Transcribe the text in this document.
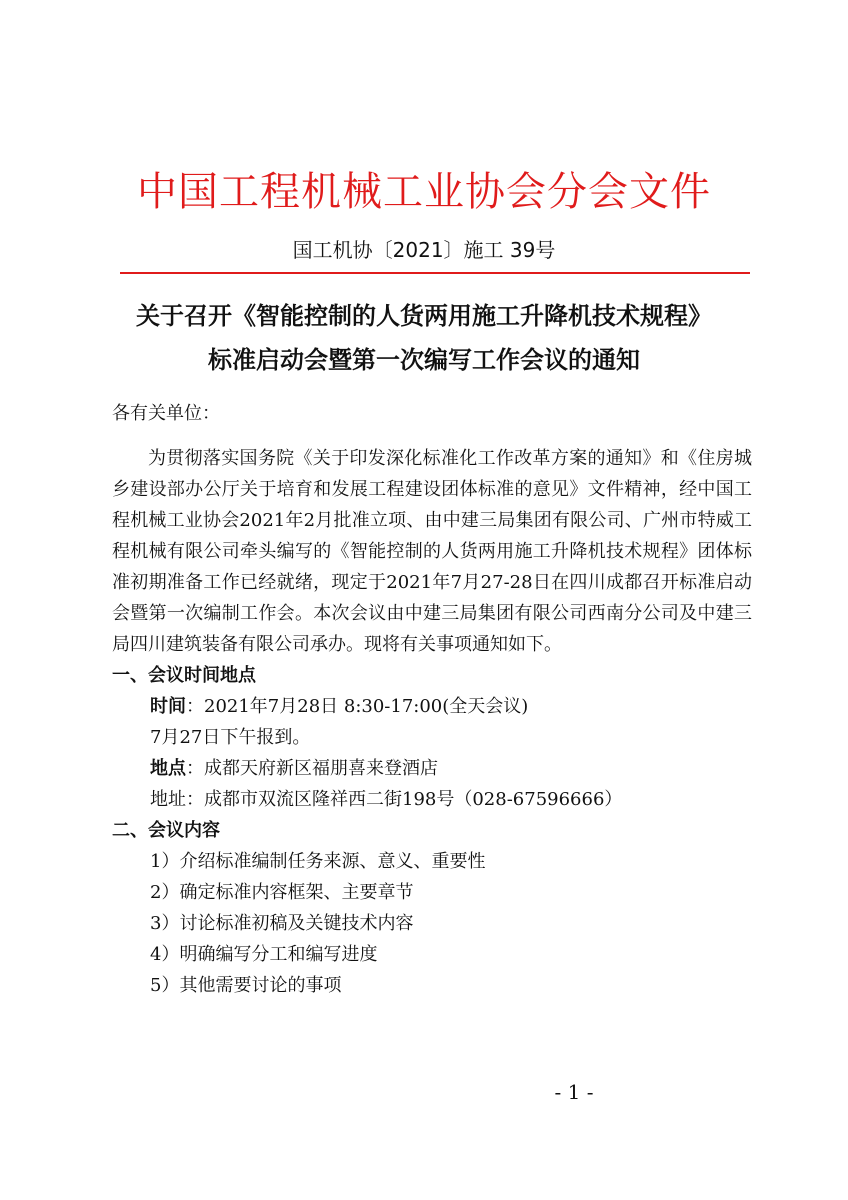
中国工程机械工业协会分会文件
国工机协〔2021〕施工 39号
关于召开《智能控制的人货两用施工升降机技术规程》
标准启动会暨第一次编写工作会议的通知

各有关单位：

为贯彻落实国务院《关于印发深化标准化工作改革方案的通知》和《住房城乡建设部办公厅关于培育和发展工程建设团体标准的意见》文件精神，经中国工程机械工业协会2021年2月批准立项、由中建三局集团有限公司、广州市特威工程机械有限公司牵头编写的《智能控制的人货两用施工升降机技术规程》团体标准初期准备工作已经就绪，现定于2021年7月27-28日在四川成都召开标准启动会暨第一次编制工作会。本次会议由中建三局集团有限公司西南分公司及中建三局四川建筑装备有限公司承办。现将有关事项通知如下。

一、会议时间地点

时间：2021年7月28日 8:30-17:00(全天会议)

7月27日下午报到。

地点：成都天府新区福朋喜来登酒店

地址：成都市双流区隆祥西二街198号（028-67596666）

二、会议内容

1）介绍标准编制任务来源、意义、重要性

2）确定标准内容框架、主要章节

3）讨论标准初稿及关键技术内容

4）明确编写分工和编写进度

5）其他需要讨论的事项

- 1 -
